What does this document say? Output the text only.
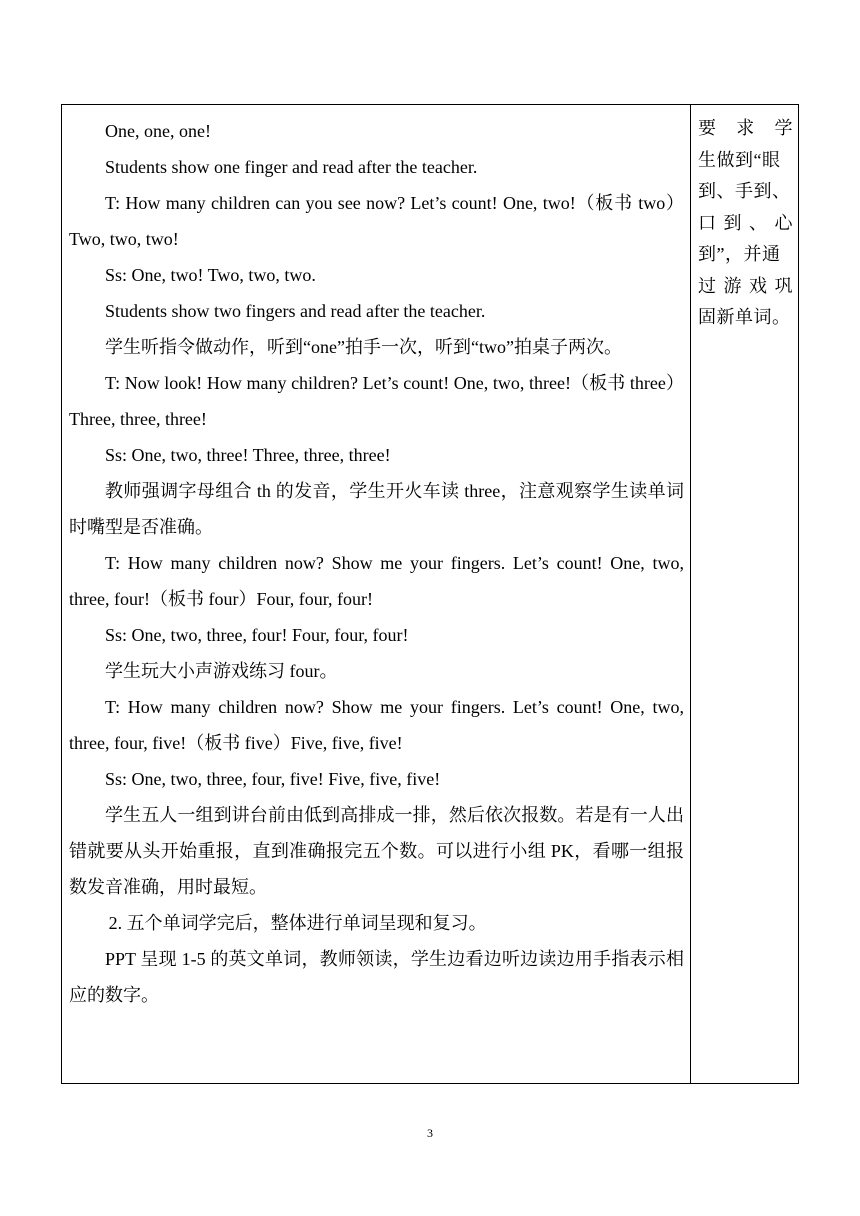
One, one, one!

Students show one finger and read after the teacher.

T: How many children can you see now? Let’s count! One, two!（板书 two）Two, two, two!

Ss: One, two! Two, two, two.

Students show two fingers and read after the teacher.

学生听指令做动作，听到“one”拍手一次，听到“two”拍桌子两次。

T: Now look! How many children? Let’s count! One, two, three!（板书 three）Three, three, three!

Ss: One, two, three! Three, three, three!

教师强调字母组合 th 的发音，学生开火车读 three，注意观察学生读单词时嘴型是否准确。

T: How many children now? Show me your fingers. Let’s count! One, two, three, four!（板书 four）Four, four, four!

Ss: One, two, three, four! Four, four, four!

学生玩大小声游戏练习 four。

T: How many children now? Show me your fingers. Let’s count! One, two, three, four, five!（板书 five）Five, five, five!

Ss: One, two, three, four, five! Five, five, five!

学生五人一组到讲台前由低到高排成一排，然后依次报数。若是有一人出错就要从头开始重报，直到准确报完五个数。可以进行小组 PK，看哪一组报数发音准确，用时最短。

2. 五个单词学完后，整体进行单词呈现和复习。

PPT 呈现 1-5 的英文单词，教师领读，学生边看边听边读边用手指表示相应的数字。

要 求 学
生做到“眼
到、手到、
口 到 、 心
到”，并通
过 游 戏 巩
固新单词。
3
